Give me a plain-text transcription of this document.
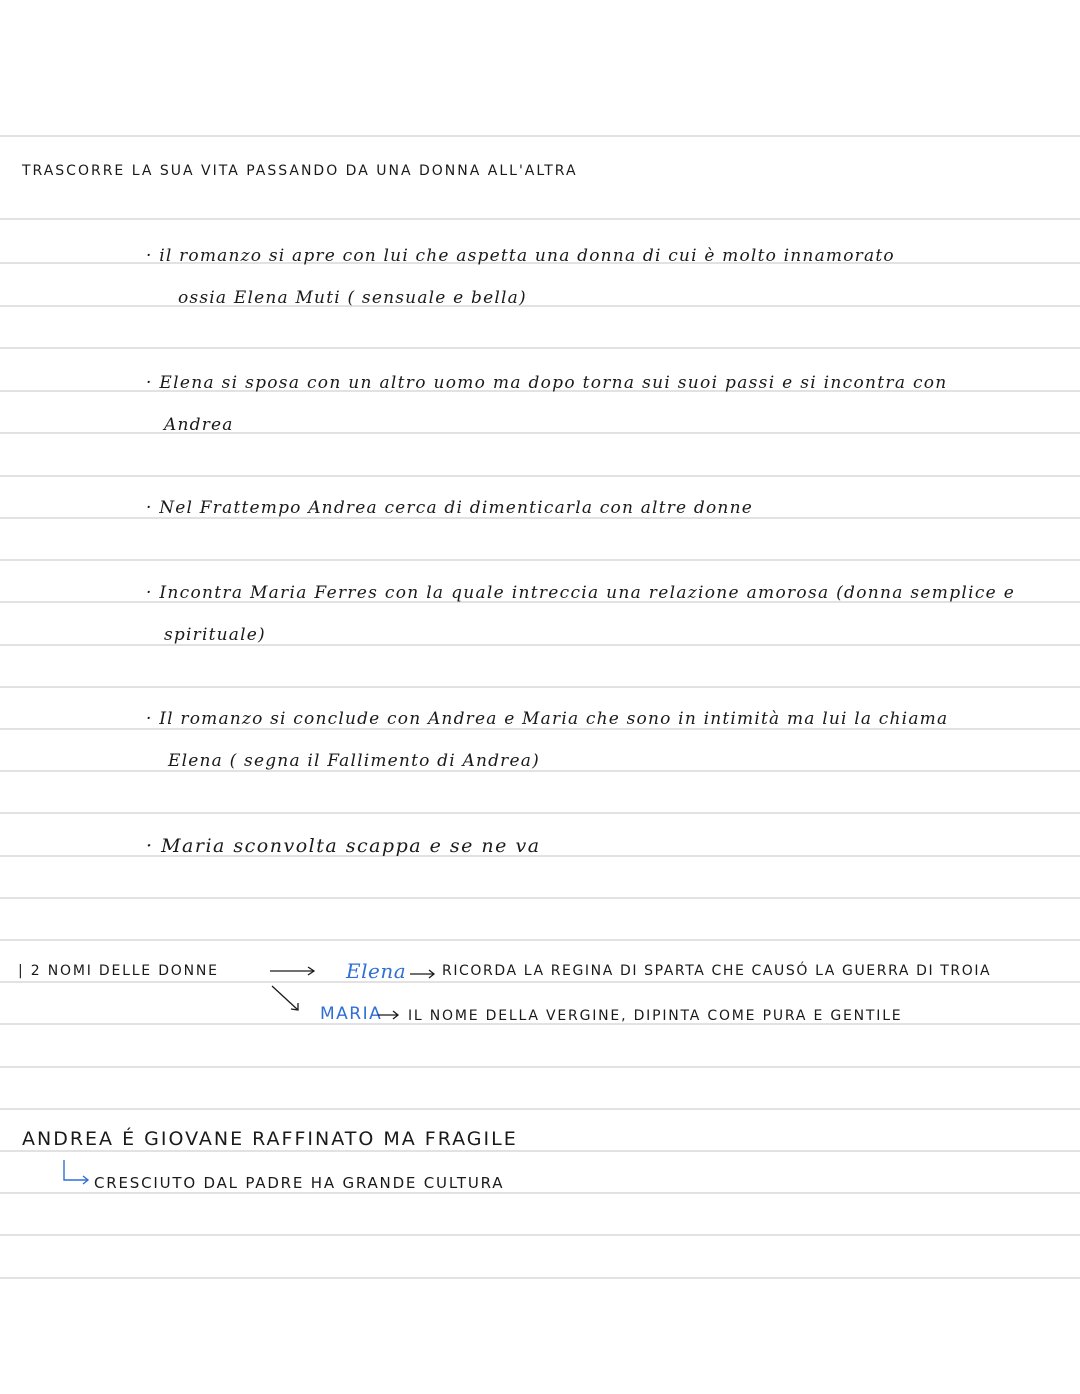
TRASCORRE LA SUA VITA PASSANDO DA UNA DONNA ALL'ALTRA
· il romanzo si apre con lui che aspetta una donna di cui è molto innamorato
ossia Elena Muti ( sensuale e bella)
· Elena si sposa con un altro uomo ma dopo torna sui suoi passi e si incontra con
Andrea
· Nel Frattempo Andrea cerca di dimenticarla con altre donne
· Incontra Maria Ferres con la quale intreccia una relazione amorosa (donna semplice e
spirituale)
· Il romanzo si conclude con Andrea e Maria che sono in intimità ma lui la chiama
Elena ( segna il Fallimento di Andrea)
· Maria sconvolta scappa e se ne va
| 2 NOMI DELLE DONNE	Elena	RICORDA LA REGINA DI SPARTA CHE CAUSÓ LA GUERRA DI TROIA
MARIA IL NOME DELLA VERGINE, DIPINTA COME PURA E GENTILE
ANDREA É GIOVANE RAFFINATO MA FRAGILE
CRESCIUTO DAL PADRE HA GRANDE CULTURA
